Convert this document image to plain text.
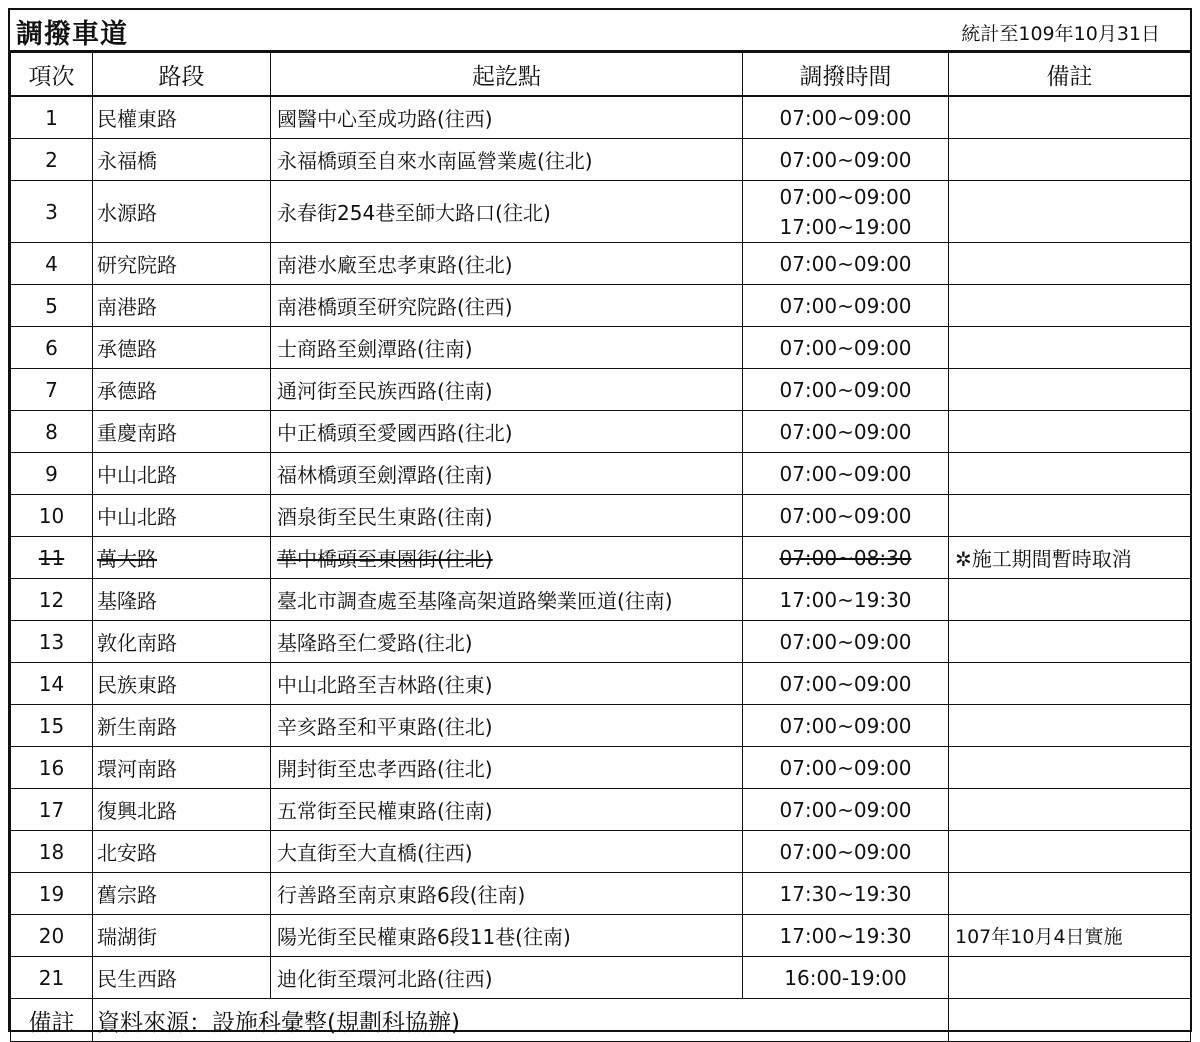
調撥車道	統計至109年10月31日
項次	路段	起訖點	調撥時間	備註
1	民權東路	國醫中心至成功路(往西)	07:00~09:00	

2	永福橋	永福橋頭至自來水南區營業處(往北)	07:00~09:00	

3	水源路	永春街254巷至師大路口(往北)	07:00~09:00
17:00~19:00	

4	研究院路	南港水廠至忠孝東路(往北)	07:00~09:00	

5	南港路	南港橋頭至研究院路(往西)	07:00~09:00	

6	承德路	士商路至劍潭路(往南)	07:00~09:00	

7	承德路	通河街至民族西路(往南)	07:00~09:00	

8	重慶南路	中正橋頭至愛國西路(往北)	07:00~09:00	

9	中山北路	福林橋頭至劍潭路(往南)	07:00~09:00	

10	中山北路	酒泉街至民生東路(往南)	07:00~09:00	

11	萬大路	華中橋頭至東園街(往北)	07:00~08:30	✲施工期間暫時取消
12	基隆路	臺北市調查處至基隆高架道路樂業匝道(往南)	17:00~19:30	

13	敦化南路	基隆路至仁愛路(往北)	07:00~09:00	

14	民族東路	中山北路至吉林路(往東)	07:00~09:00	

15	新生南路	辛亥路至和平東路(往北)	07:00~09:00	

16	環河南路	開封街至忠孝西路(往北)	07:00~09:00	

17	復興北路	五常街至民權東路(往南)	07:00~09:00	

18	北安路	大直街至大直橋(往西)	07:00~09:00	

19	舊宗路	行善路至南京東路6段(往南)	17:30~19:30	

20	瑞湖街	陽光街至民權東路6段11巷(往南)	17:00~19:30	107年10月4日實施
21	民生西路	迪化街至環河北路(往西)	16:00-19:00	

備註	資料來源：設施科彙整(規劃科協辦)			
